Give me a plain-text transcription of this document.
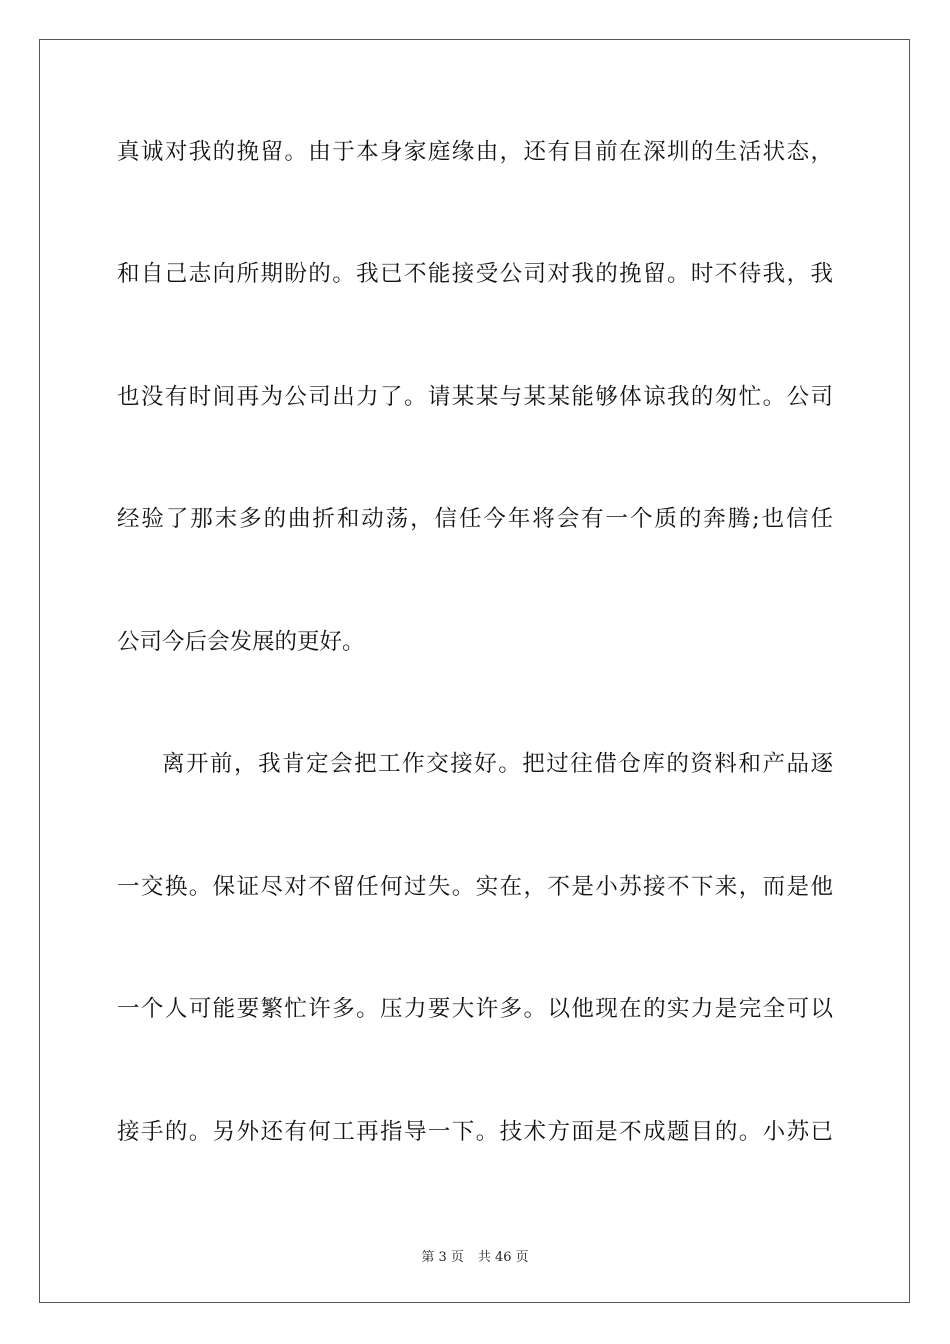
真诚对我的挽留。由于本身家庭缘由，还有目前在深圳的生活状态，
和自己志向所期盼的。我已不能接受公司对我的挽留。时不待我，我
也没有时间再为公司出力了。请某某与某某能够体谅我的匆忙。公司
经验了那末多的曲折和动荡，信任今年将会有一个质的奔腾;也信任
公司今后会发展的更好。
离开前，我肯定会把工作交接好。把过往借仓库的资料和产品逐
一交换。保证尽对不留任何过失。实在，不是小苏接不下来，而是他
一个人可能要繁忙许多。压力要大许多。以他现在的实力是完全可以
接手的。另外还有何工再指导一下。技术方面是不成题目的。小苏已
第 3 页 共 46 页
